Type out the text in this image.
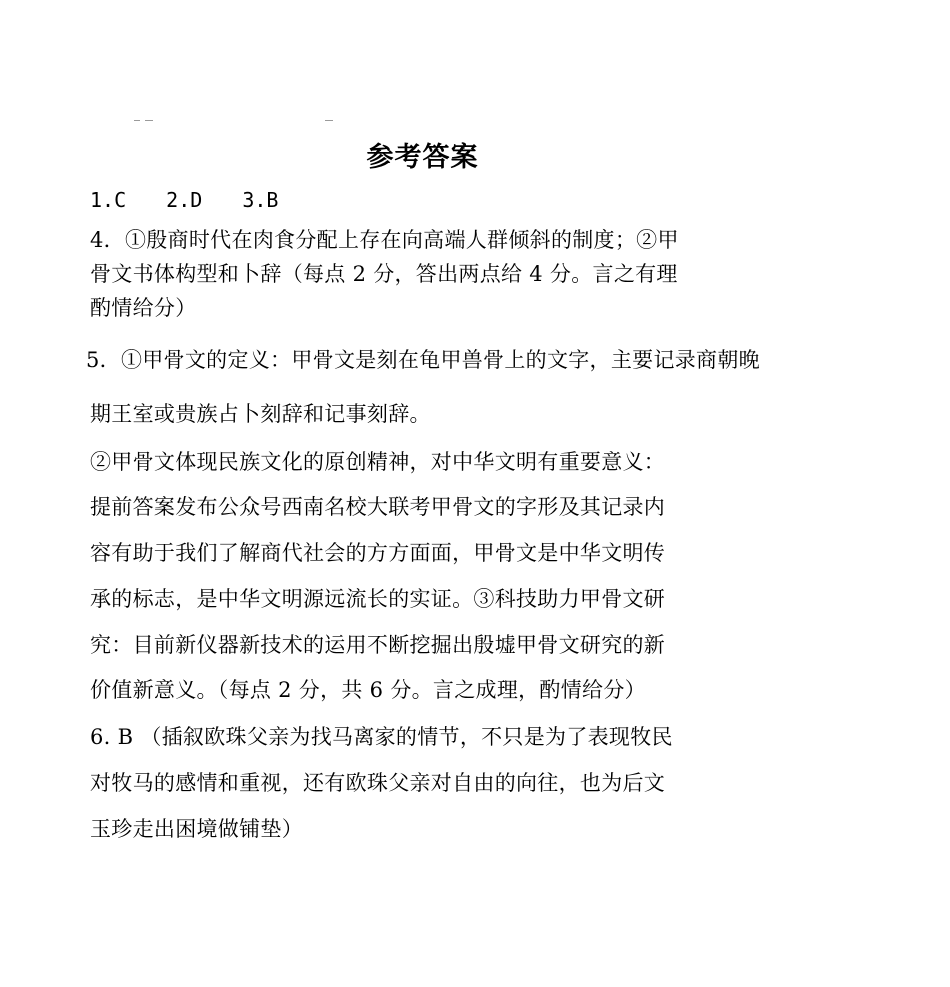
参考答案
1.C 2.D 3.B
4．①殷商时代在肉食分配上存在向高端人群倾斜的制度；②甲
骨文书体构型和卜辞（每点 2 分，答出两点给 4 分。言之有理
酌情给分）
5．①甲骨文的定义：甲骨文是刻在龟甲兽骨上的文字，主要记录商朝晚
期王室或贵族占卜刻辞和记事刻辞。
②甲骨文体现民族文化的原创精神，对中华文明有重要意义：
提前答案发布公众号西南名校大联考甲骨文的字形及其记录内
容有助于我们了解商代社会的方方面面，甲骨文是中华文明传
承的标志，是中华文明源远流长的实证。③科技助力甲骨文研
究：目前新仪器新技术的运用不断挖掘出殷墟甲骨文研究的新
价值新意义。（每点 2 分，共 6 分。言之成理，酌情给分）
6. B （插叙欧珠父亲为找马离家的情节，不只是为了表现牧民
对牧马的感情和重视，还有欧珠父亲对自由的向往，也为后文
玉珍走出困境做铺垫）
